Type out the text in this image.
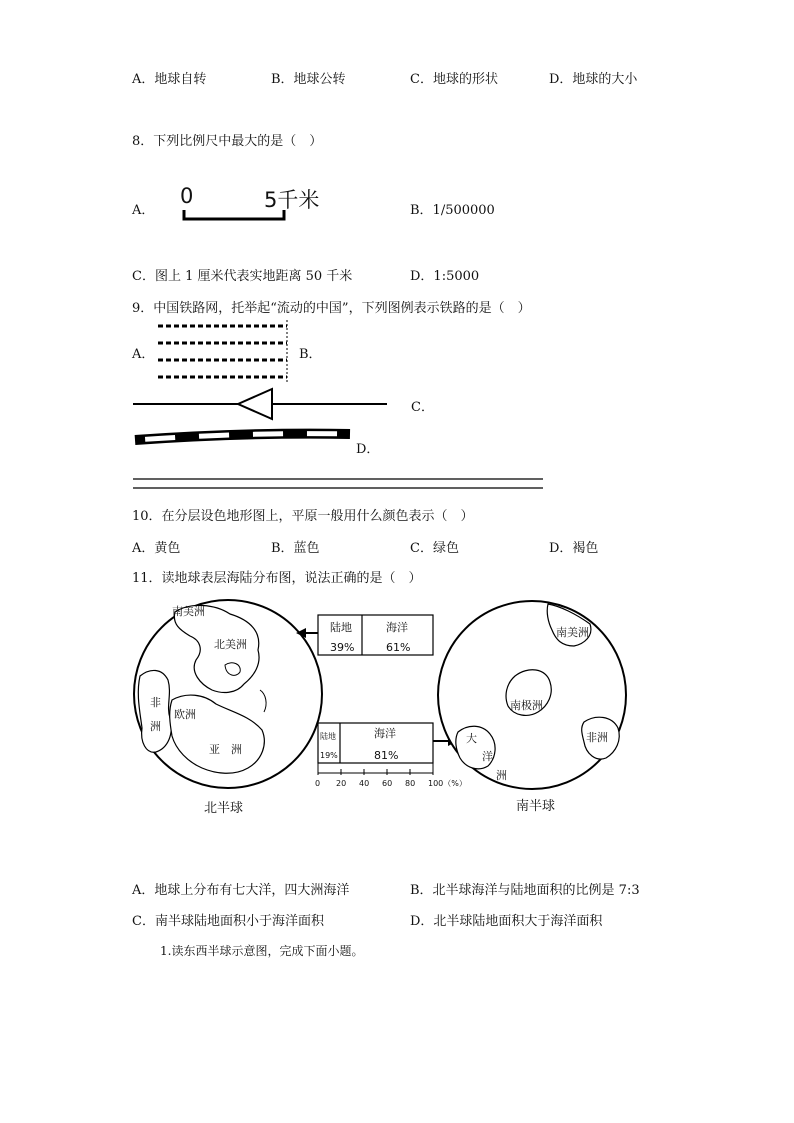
A．地球自转	B．地球公转	C．地球的形状	D．地球的大小
8．下列比例尺中最大的是（　）
A．
0	5千米	B．1/500000
C．图上 1 厘米代表实地距离 50 千米	D．1:5000
9．中国铁路网，托举起“流动的中国”，下列图例表示铁路的是（　）
A．	B．
C．
D．
10．在分层设色地形图上，平原一般用什么颜色表示（　）
A．黄色	B．蓝色	C．绿色	D．褐色
11．读地球表层海陆分布图，说法正确的是（　）
南美洲
北美洲
非
洲
欧洲
亚　洲
陆地
39%
海洋
61%
陆地
19%
海洋
81%
0 20 40 60 80 100（%）
南美洲
南极洲
非洲
大
洋
洲
北半球	南半球
A．地球上分布有七大洋，四大洲海洋	B．北半球海洋与陆地面积的比例是 7:3
C．南半球陆地面积小于海洋面积	D．北半球陆地面积大于海洋面积
1.读东西半球示意图，完成下面小题。
